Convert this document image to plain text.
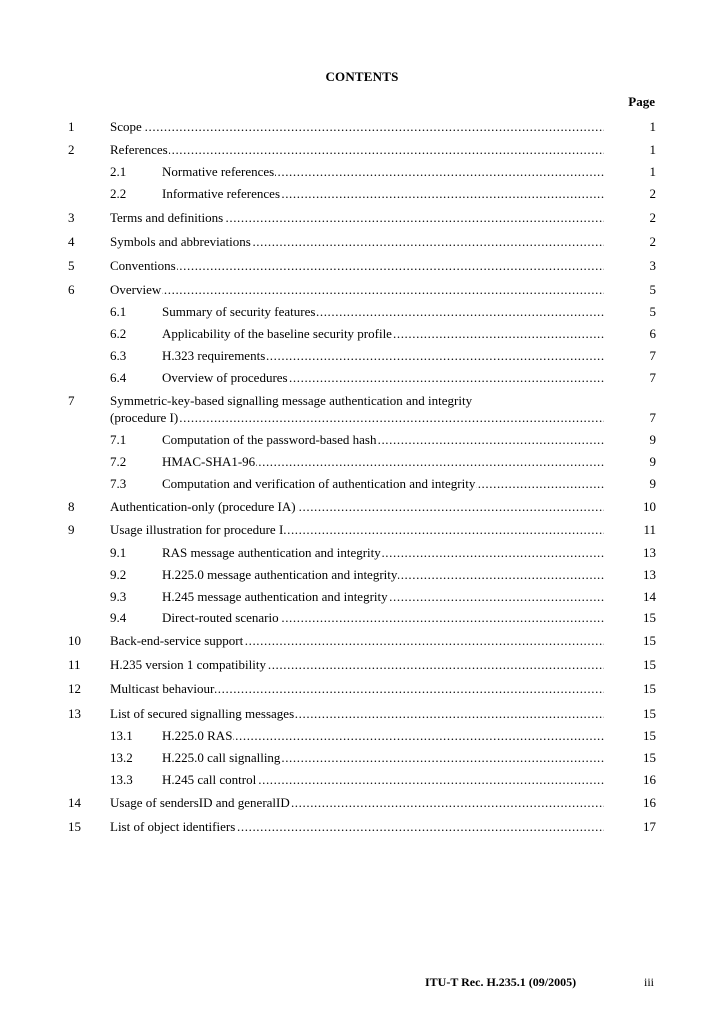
CONTENTS
Page
1	Scope .....	1
2	References .....	1
2.1	Normative references .....	1
2.2	Informative references .....	2
3	Terms and definitions .....	2
4	Symbols and abbreviations .....	2
5	Conventions .....	3
6	Overview .....	5
6.1	Summary of security features .....	5
6.2	Applicability of the baseline security profile .....	6
6.3	H.323 requirements .....	7
6.4	Overview of procedures .....	7
7	Symmetric-key-based signalling message authentication and integrity
(procedure I) .....	7
7.1	Computation of the password-based hash .....	9
7.2	HMAC-SHA1-96 .....	9
7.3	Computation and verification of authentication and integrity .....	9
8	Authentication-only (procedure IA) .....	10
9	Usage illustration for procedure I .....	11
9.1	RAS message authentication and integrity .....	13
9.2	H.225.0 message authentication and integrity .....	13
9.3	H.245 message authentication and integrity .....	14
9.4	Direct-routed scenario .....	15
10 Back-end-service support .....	15
11 H.235 version 1 compatibility .....	15
12 Multicast behaviour .....	15
13 List of secured signalling messages .....	15
13.1 H.225.0 RAS .....	15
13.2 H.225.0 call signalling .....	15
13.3 H.245 call control .....	16
14 Usage of sendersID and generalID .....	16
15 List of object identifiers .....	17
ITU-T Rec. H.235.1 (09/2005)	iii
